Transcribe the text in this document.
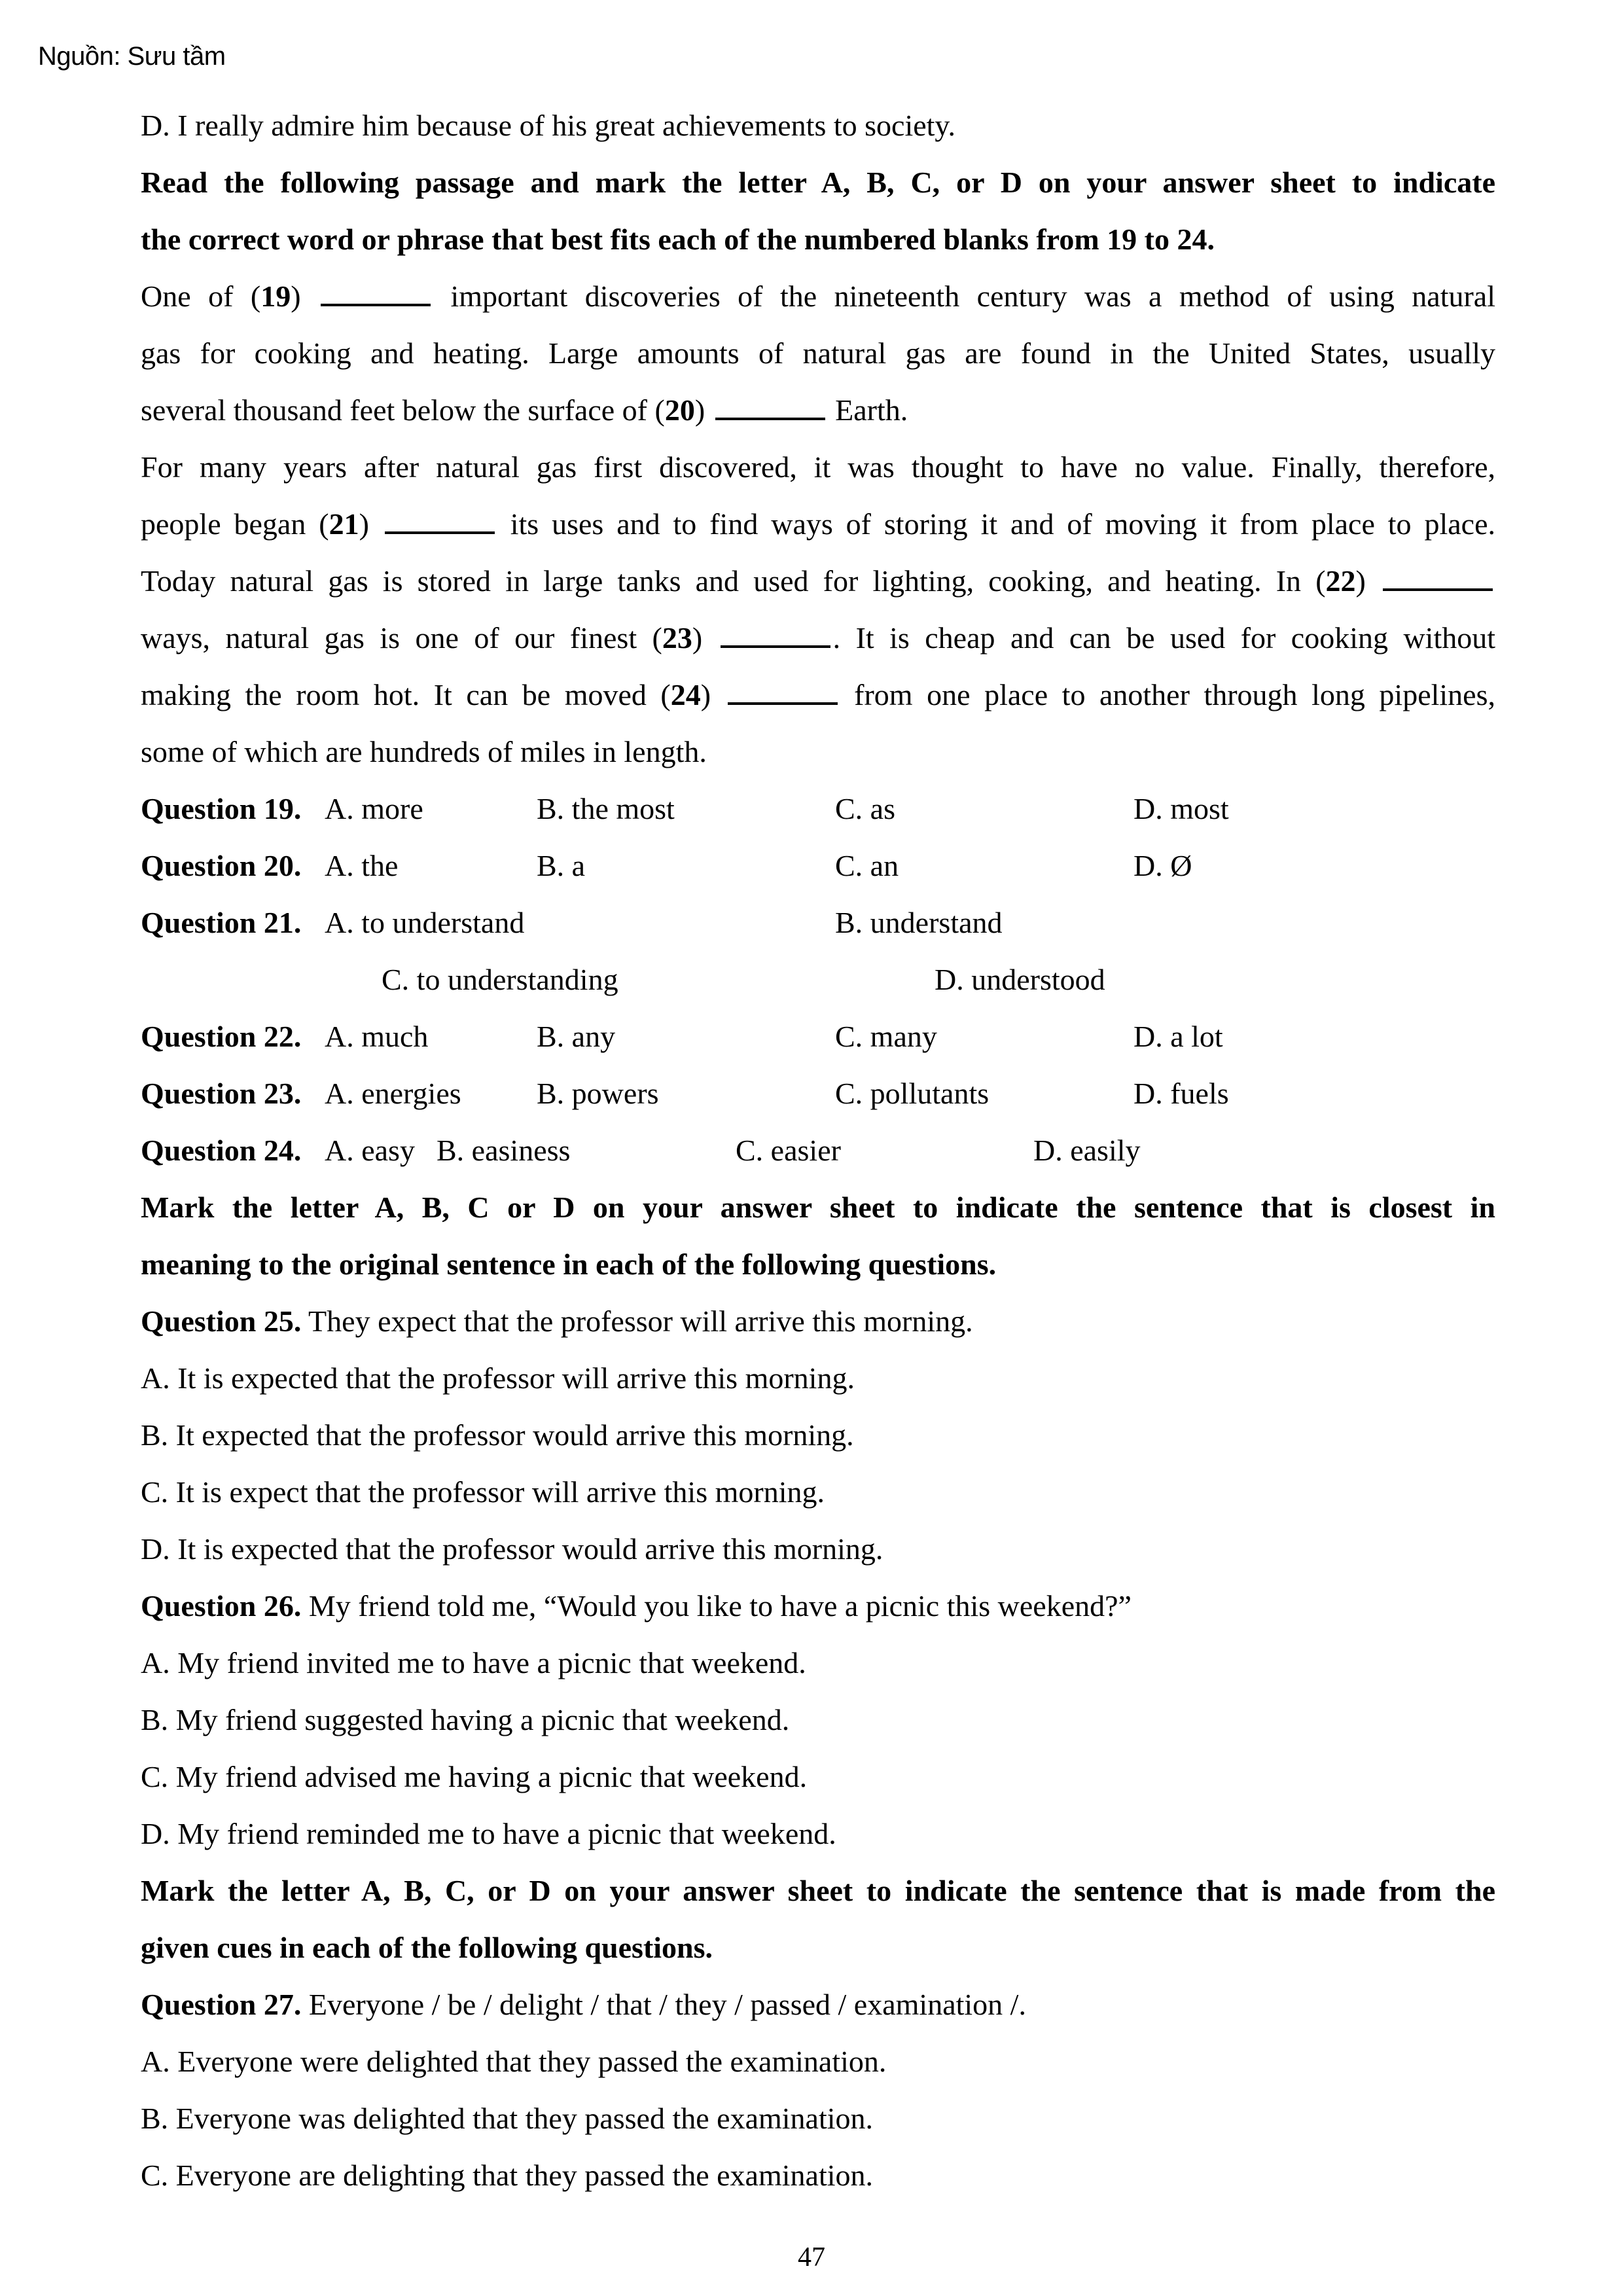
Nguồn: Sưu tầm
D. I really admire him because of his great achievements to society.
Read the following passage and mark the letter A, B, C, or D on your answer sheet to indicate
the correct word or phrase that best fits each of the numbered blanks from 19 to 24.
One of (19)	important discoveries of the nineteenth century was a method of using natural
gas for cooking and heating. Large amounts of natural gas are found in the United States, usually
several thousand feet below the surface of (20)	Earth.
For many years after natural gas first discovered, it was thought to have no value. Finally, therefore,
people began (21)	its uses and to find ways of storing it and of moving it from place to place.
Today natural gas is stored in large tanks and used for lighting, cooking, and heating. In (22)
ways, natural gas is one of our finest (23)	. It is cheap and can be used for cooking without
making the room hot. It can be moved (24)	from one place to another through long pipelines,
some of which are hundreds of miles in length.
Question 19. A. more	B. the most	C. as	D. most
Question 20. A. the	B. a	C. an	D. Ø
Question 21. A. to understand	B. understand
C. to understanding	D. understood
Question 22. A. much	B. any	C. many	D. a lot
Question 23. A. energies	B. powers	C. pollutants	D. fuels
Question 24. A. easy B. easiness	C. easier	D. easily
Mark the letter A, B, C or D on your answer sheet to indicate the sentence that is closest in
meaning to the original sentence in each of the following questions.
Question 25. They expect that the professor will arrive this morning.
A. It is expected that the professor will arrive this morning.
B. It expected that the professor would arrive this morning.
C. It is expect that the professor will arrive this morning.
D. It is expected that the professor would arrive this morning.
Question 26. My friend told me, “Would you like to have a picnic this weekend?”
A. My friend invited me to have a picnic that weekend.
B. My friend suggested having a picnic that weekend.
C. My friend advised me having a picnic that weekend.
D. My friend reminded me to have a picnic that weekend.
Mark the letter A, B, C, or D on your answer sheet to indicate the sentence that is made from the
given cues in each of the following questions.
Question 27. Everyone / be / delight / that / they / passed / examination /.
A. Everyone were delighted that they passed the examination.
B. Everyone was delighted that they passed the examination.
C. Everyone are delighting that they passed the examination.
47
